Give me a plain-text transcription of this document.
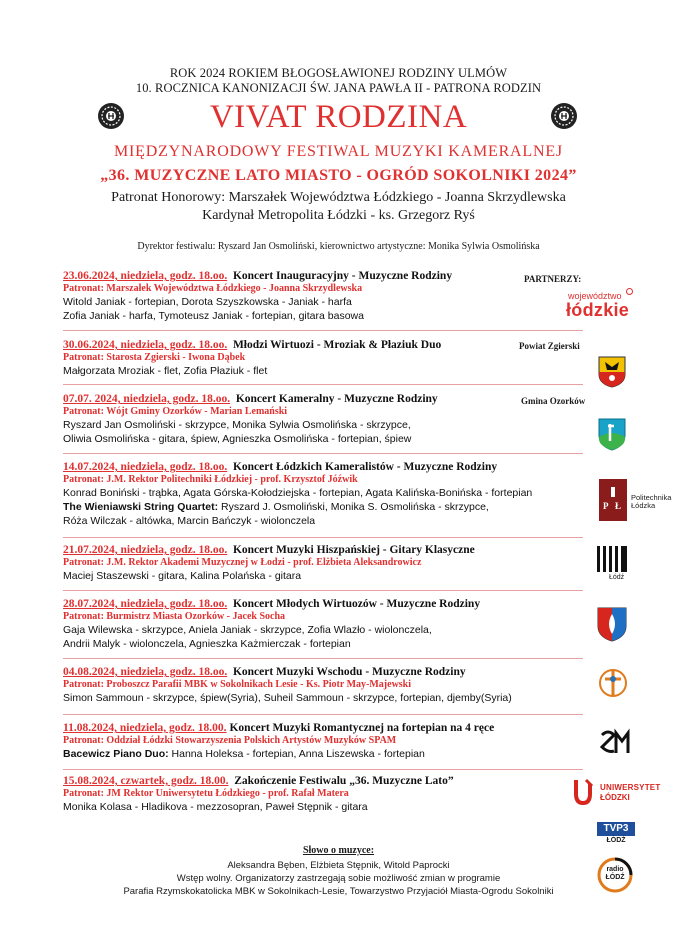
ROK 2024 ROKIEM BŁOGOSŁAWIONEJ RODZINY ULMÓW
10. ROCZNICA KANONIZACJI ŚW. JANA PAWŁA II - PATRONA RODZIN
VIVAT RODZINA
MIĘDZYNARODOWY FESTIWAL MUZYKI KAMERALNEJ
„36. MUZYCZNE LATO MIASTO - OGRÓD SOKOLNIKI 2024”
Patronat Honorowy: Marszałek Województwa Łódzkiego - Joanna Skrzydlewska
Kardynał Metropolita Łódzki - ks. Grzegorz Ryś
Dyrektor festiwalu: Ryszard Jan Osmoliński, kierownictwo artystyczne: Monika Sylwia Osmolińska
23.06.2024, niedziela, godz. 18.oo. Koncert Inauguracyjny - Muzyczne Rodziny
Patronat: Marszałek Województwa Łódzkiego - Joanna Skrzydlewska
Witold Janiak - fortepian, Dorota Szyszkowska - Janiak - harfa
Zofia Janiak - harfa, Tymoteusz Janiak - fortepian, gitara basowa
30.06.2024, niedziela, godz. 18.oo. Młodzi Wirtuozi - Mroziak & Płaziuk Duo
Patronat: Starosta Zgierski - Iwona Dąbek
Małgorzata Mroziak - flet, Zofia Płaziuk - flet
07.07. 2024, niedziela, godz. 18.oo. Koncert Kameralny - Muzyczne Rodziny
Patronat: Wójt Gminy Ozorków - Marian Lemański
Ryszard Jan Osmoliński - skrzypce, Monika Sylwia Osmolińska - skrzypce,
Oliwia Osmolińska - gitara, śpiew, Agnieszka Osmolińska - fortepian, śpiew
14.07.2024, niedziela, godz. 18.oo. Koncert Łódzkich Kameralistów - Muzyczne Rodziny
Patronat: J.M. Rektor Politechniki Łódzkiej - prof. Krzysztof Jóźwik
Konrad Boniński - trąbka, Agata Górska-Kołodziejska - fortepian, Agata Kalińska-Bonińska - fortepian
The Wieniawski String Quartet: Ryszard J. Osmoliński, Monika S. Osmolińska - skrzypce,
Róża Wilczak - altówka, Marcin Bańczyk - wiolonczela
21.07.2024, niedziela, godz. 18.oo. Koncert Muzyki Hiszpańskiej - Gitary Klasyczne
Patronat: J.M. Rektor Akademi Muzycznej w Łodzi - prof. Elżbieta Aleksandrowicz
Maciej Staszewski - gitara, Kalina Polańska - gitara
28.07.2024, niedziela, godz. 18.oo. Koncert Młodych Wirtuozów - Muzyczne Rodziny
Patronat: Burmistrz Miasta Ozorków - Jacek Socha
Gaja Wilewska - skrzypce, Aniela Janiak - skrzypce, Zofia Wlazło - wiolonczela,
Andrii Malyk - wiolonczela, Agnieszka Każmierczak - fortepian
04.08.2024, niedziela, godz. 18.oo. Koncert Muzyki Wschodu - Muzyczne Rodziny
Patronat: Proboszcz Parafii MBK w Sokolnikach Lesie - Ks. Piotr May-Majewski
Simon Sammoun - skrzypce, śpiew(Syria), Suheil Sammoun - skrzypce, fortepian, djemby(Syria)
11.08.2024, niedziela, godz. 18.00. Koncert Muzyki Romantycznej na fortepian na 4 ręce
Patronat: Oddział Łódzki Stowarzyszenia Polskich Artystów Muzyków SPAM
Bacewicz Piano Duo: Hanna Holeksa - fortepian, Anna Liszewska - fortepian
15.08.2024, czwartek, godz. 18.00. Zakończenie Festiwalu „36. Muzyczne Lato”
Patronat: JM Rektor Uniwersytetu Łódzkiego - prof. Rafał Matera
Monika Kolasa - Hladikova - mezzosopran, Paweł Stępnik - gitara
PARTNERZY:
województwo
łódzkie
Powiat Zgierski
Gmina Ozorków
P Ł
Politechnika
Łódzka
Łódź
UNIWERSYTET
ŁÓDZKI
TVP3
ŁÓDŹ
radio
ŁÓDŹ
Słowo o muzyce:
Aleksandra Bęben, Elżbieta Stępnik, Witold Paprocki
Wstęp wolny. Organizatorzy zastrzegają sobie możliwość zmian w programie
Parafia Rzymskokatolicka MBK w Sokolnikach-Lesie, Towarzystwo Przyjaciół Miasta-Ogrodu Sokolniki
